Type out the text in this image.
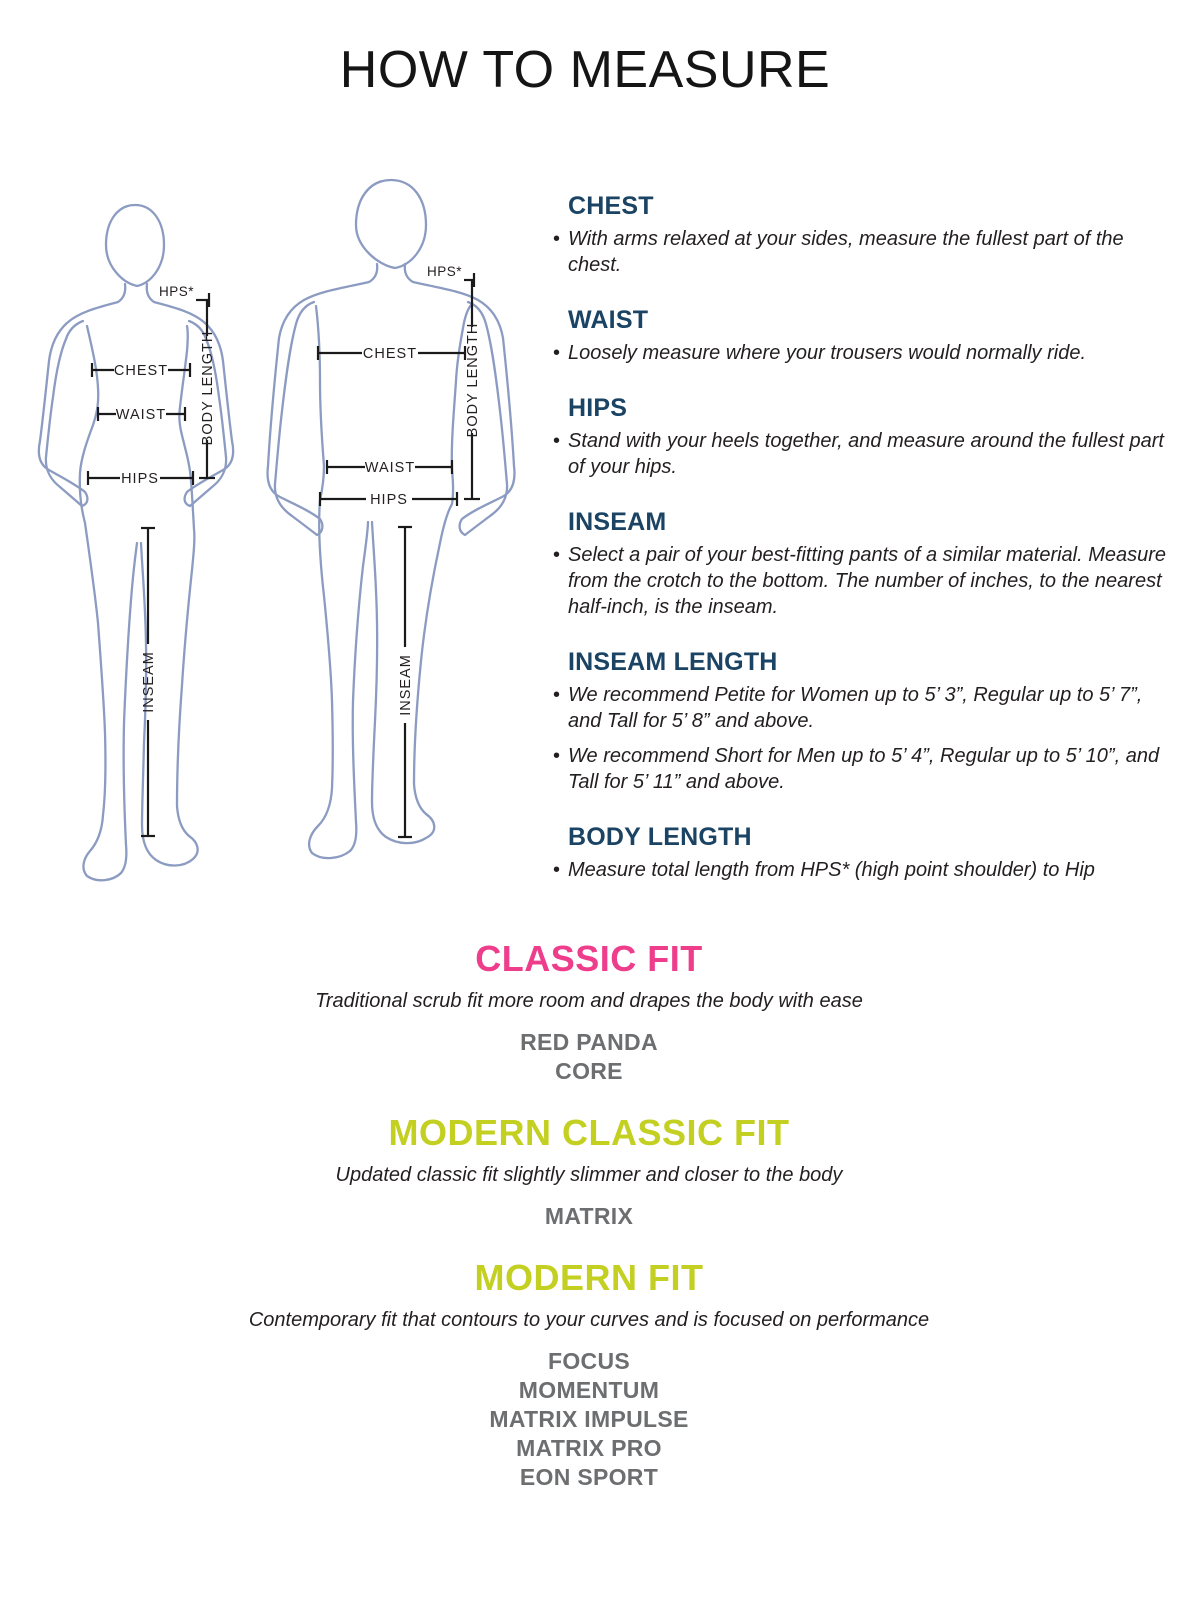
HOW TO MEASURE
HPS*
CHEST
WAIST
HIPS
BODY LENGTH
INSEAM
HPS*
CHEST
WAIST
HIPS
BODY LENGTH
INSEAM
CHEST

•
With arms relaxed at your sides, measure the fullest part of the chest.

WAIST

•
Loosely measure where your trousers would normally ride.

HIPS

•
Stand with your heels together, and measure around the fullest part of your hips.

INSEAM

•
Select a pair of your best-fitting pants of a similar material. Measure from the crotch to the bottom. The number of inches, to the nearest half-inch, is the inseam.

INSEAM LENGTH

•
We recommend Petite for Women up to 5’ 3”, Regular up to 5’ 7”, and Tall for 5’ 8” and above.

•
We recommend Short for Men up to 5’ 4”, Regular up to 5’ 10”, and Tall for 5’ 11” and above.

BODY LENGTH

•
Measure total length from HPS* (high point shoulder) to Hip

CLASSIC FIT

Traditional scrub fit more room and drapes the body with ease

RED PANDA
CORE
MODERN CLASSIC FIT

Updated classic fit slightly slimmer and closer to the body

MATRIX
MODERN FIT

Contemporary fit that contours to your curves and is focused on performance

FOCUS
MOMENTUM
MATRIX IMPULSE
MATRIX PRO
EON SPORT
